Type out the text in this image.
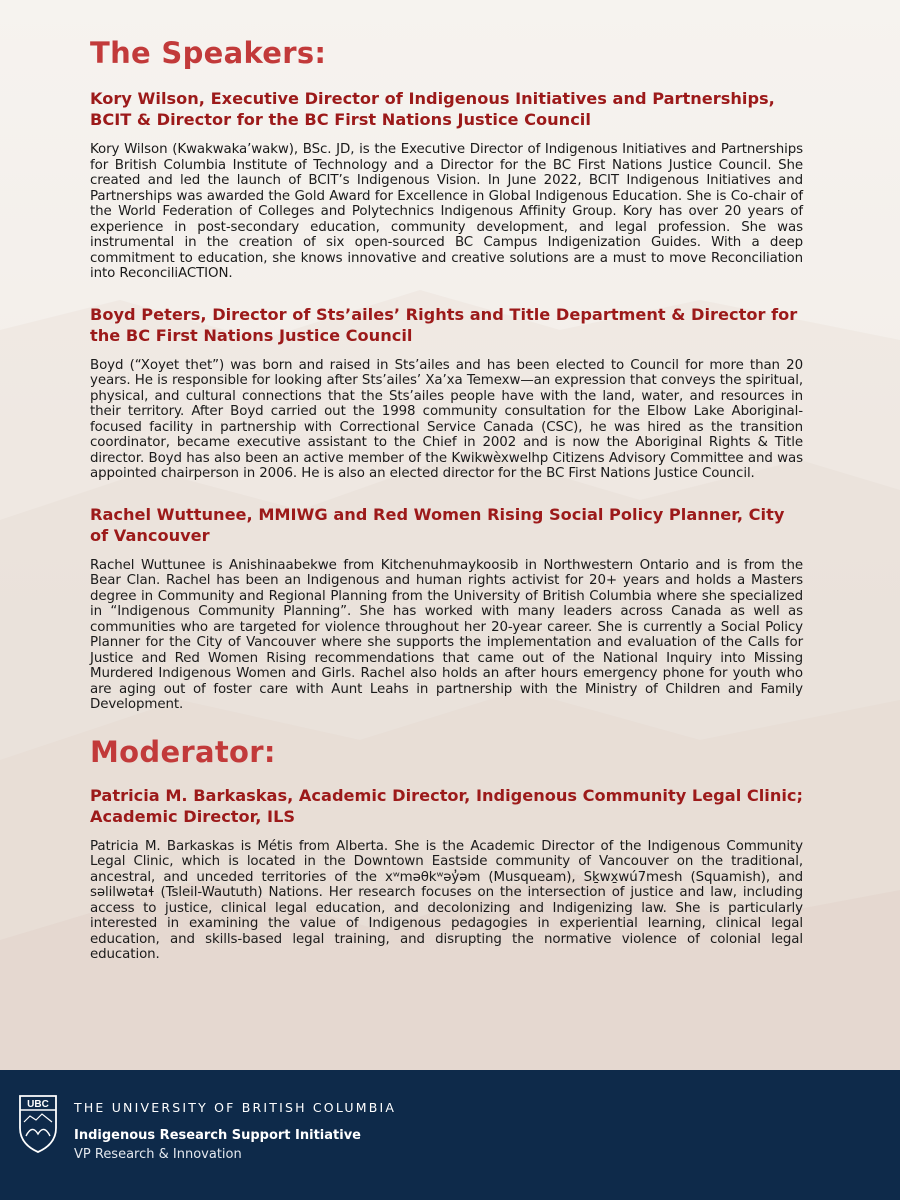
The Speakers:
Kory Wilson, Executive Director of Indigenous Initiatives and Partnerships, BCIT & Director for the BC First Nations Justice Council
Kory Wilson (Kwakwaka’wakw), BSc. JD, is the Executive Director of Indigenous Initiatives and Partnerships for British Columbia Institute of Technology and a Director for the BC First Nations Justice Council. She created and led the launch of BCIT’s Indigenous Vision. In June 2022, BCIT Indigenous Initiatives and Partnerships was awarded the Gold Award for Excellence in Global Indigenous Education. She is Co-chair of the World Federation of Colleges and Polytechnics Indigenous Affinity Group. Kory has over 20 years of experience in post-secondary education, community development, and legal profession. She was instrumental in the creation of six open-sourced BC Campus Indigenization Guides. With a deep commitment to education, she knows innovative and creative solutions are a must to move Reconciliation into ReconciliACTION.
Boyd Peters, Director of Sts’ailes’ Rights and Title Department & Director for the BC First Nations Justice Council
Boyd (“Xoyet thet”) was born and raised in Sts’ailes and has been elected to Council for more than 20 years. He is responsible for looking after Sts’ailes’ Xa’xa Temexw—an expression that conveys the spiritual, physical, and cultural connections that the Sts’ailes people have with the land, water, and resources in their territory. After Boyd carried out the 1998 community consultation for the Elbow Lake Aboriginal-focused facility in partnership with Correctional Service Canada (CSC), he was hired as the transition coordinator, became executive assistant to the Chief in 2002 and is now the Aboriginal Rights & Title director. Boyd has also been an active member of the Kwikwèxwelhp Citizens Advisory Committee and was appointed chairperson in 2006. He is also an elected director for the BC First Nations Justice Council.
Rachel Wuttunee, MMIWG and Red Women Rising Social Policy Planner, City of Vancouver
Rachel Wuttunee is Anishinaabekwe from Kitchenuhmaykoosib in Northwestern Ontario and is from the Bear Clan. Rachel has been an Indigenous and human rights activist for 20+ years and holds a Masters degree in Community and Regional Planning from the University of British Columbia where she specialized in “Indigenous Community Planning”. She has worked with many leaders across Canada as well as communities who are targeted for violence throughout her 20-year career. She is currently a Social Policy Planner for the City of Vancouver where she supports the implementation and evaluation of the Calls for Justice and Red Women Rising recommendations that came out of the National Inquiry into Missing Murdered Indigenous Women and Girls. Rachel also holds an after hours emergency phone for youth who are aging out of foster care with Aunt Leahs in partnership with the Ministry of Children and Family Development.
Moderator:
Patricia M. Barkaskas, Academic Director, Indigenous Community Legal Clinic; Academic Director, ILS
Patricia M. Barkaskas is Métis from Alberta. She is the Academic Director of the Indigenous Community Legal Clinic, which is located in the Downtown Eastside community of Vancouver on the traditional, ancestral, and unceded territories of the xʷməθkʷəy̓əm (Musqueam), Sḵwx̱wú7mesh (Squamish), and səlilwətaɬ (Tsleil-Waututh) Nations. Her research focuses on the intersection of justice and law, including access to justice, clinical legal education, and decolonizing and Indigenizing law. She is particularly interested in examining the value of Indigenous pedagogies in experiential learning, clinical legal education, and skills-based legal training, and disrupting the normative violence of colonial legal education.
UBC THE UNIVERSITY OF BRITISH COLUMBIA
Indigenous Research Support Initiative
VP Research & Innovation
